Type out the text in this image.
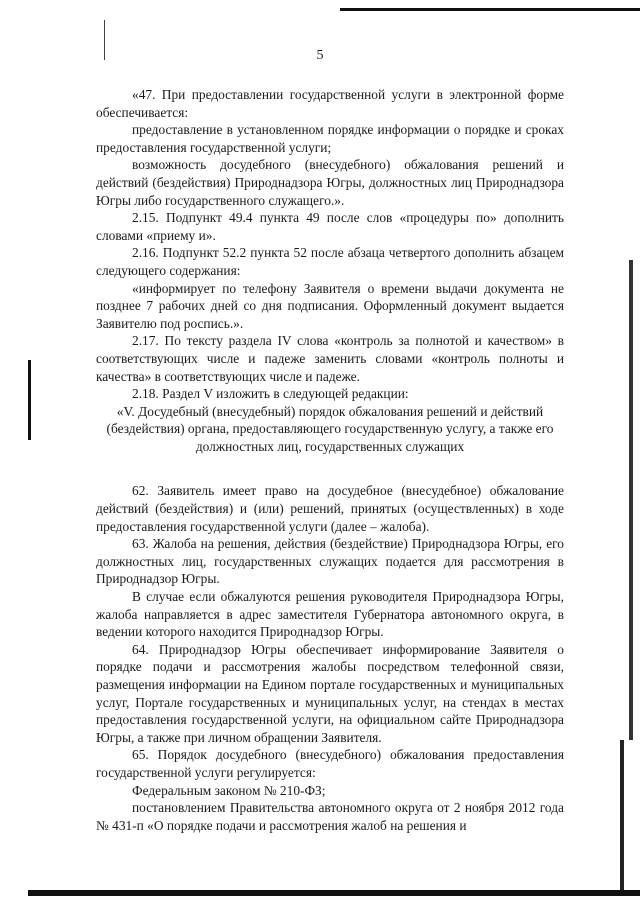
5

«47. При предоставлении государственной услуги в электронной форме обеспечивается:

предоставление в установленном порядке информации о порядке и сроках предоставления государственной услуги;

возможность досудебного (внесудебного) обжалования решений и действий (бездействия) Природнадзора Югры, должностных лиц Природнадзора Югры либо государственного служащего.».

2.15. Подпункт 49.4 пункта 49 после слов «процедуры по» дополнить словами «приему и».

2.16. Подпункт 52.2 пункта 52 после абзаца четвертого дополнить абзацем следующего содержания:

«информирует по телефону Заявителя о времени выдачи документа не позднее 7 рабочих дней со дня подписания. Оформленный документ выдается Заявителю под роспись.».

2.17. По тексту раздела IV слова «контроль за полнотой и качеством» в соответствующих числе и падеже заменить словами «контроль полноты и качества» в соответствующих числе и падеже.

2.18. Раздел V изложить в следующей редакции:

«V. Досудебный (внесудебный) порядок обжалования решений и действий (бездействия) органа, предоставляющего государственную услугу, а также его должностных лиц, государственных служащих

62. Заявитель имеет право на досудебное (внесудебное) обжалование действий (бездействия) и (или) решений, принятых (осуществленных) в ходе предоставления государственной услуги (далее – жалоба).

63. Жалоба на решения, действия (бездействие) Природнадзора Югры, его должностных лиц, государственных служащих подается для рассмотрения в Природнадзор Югры.

В случае если обжалуются решения руководителя Природнадзора Югры, жалоба направляется в адрес заместителя Губернатора автономного округа, в ведении которого находится Природнадзор Югры.

64. Природнадзор Югры обеспечивает информирование Заявителя о порядке подачи и рассмотрения жалобы посредством телефонной связи, размещения информации на Едином портале государственных и муниципальных услуг, Портале государственных и муниципальных услуг, на стендах в местах предоставления государственной услуги, на официальном сайте Природнадзора Югры, а также при личном обращении Заявителя.

65. Порядок досудебного (внесудебного) обжалования предоставления государственной услуги регулируется:

Федеральным законом № 210-ФЗ;

постановлением Правительства автономного округа от 2 ноября 2012 года № 431-п «О порядке подачи и рассмотрения жалоб на решения и
